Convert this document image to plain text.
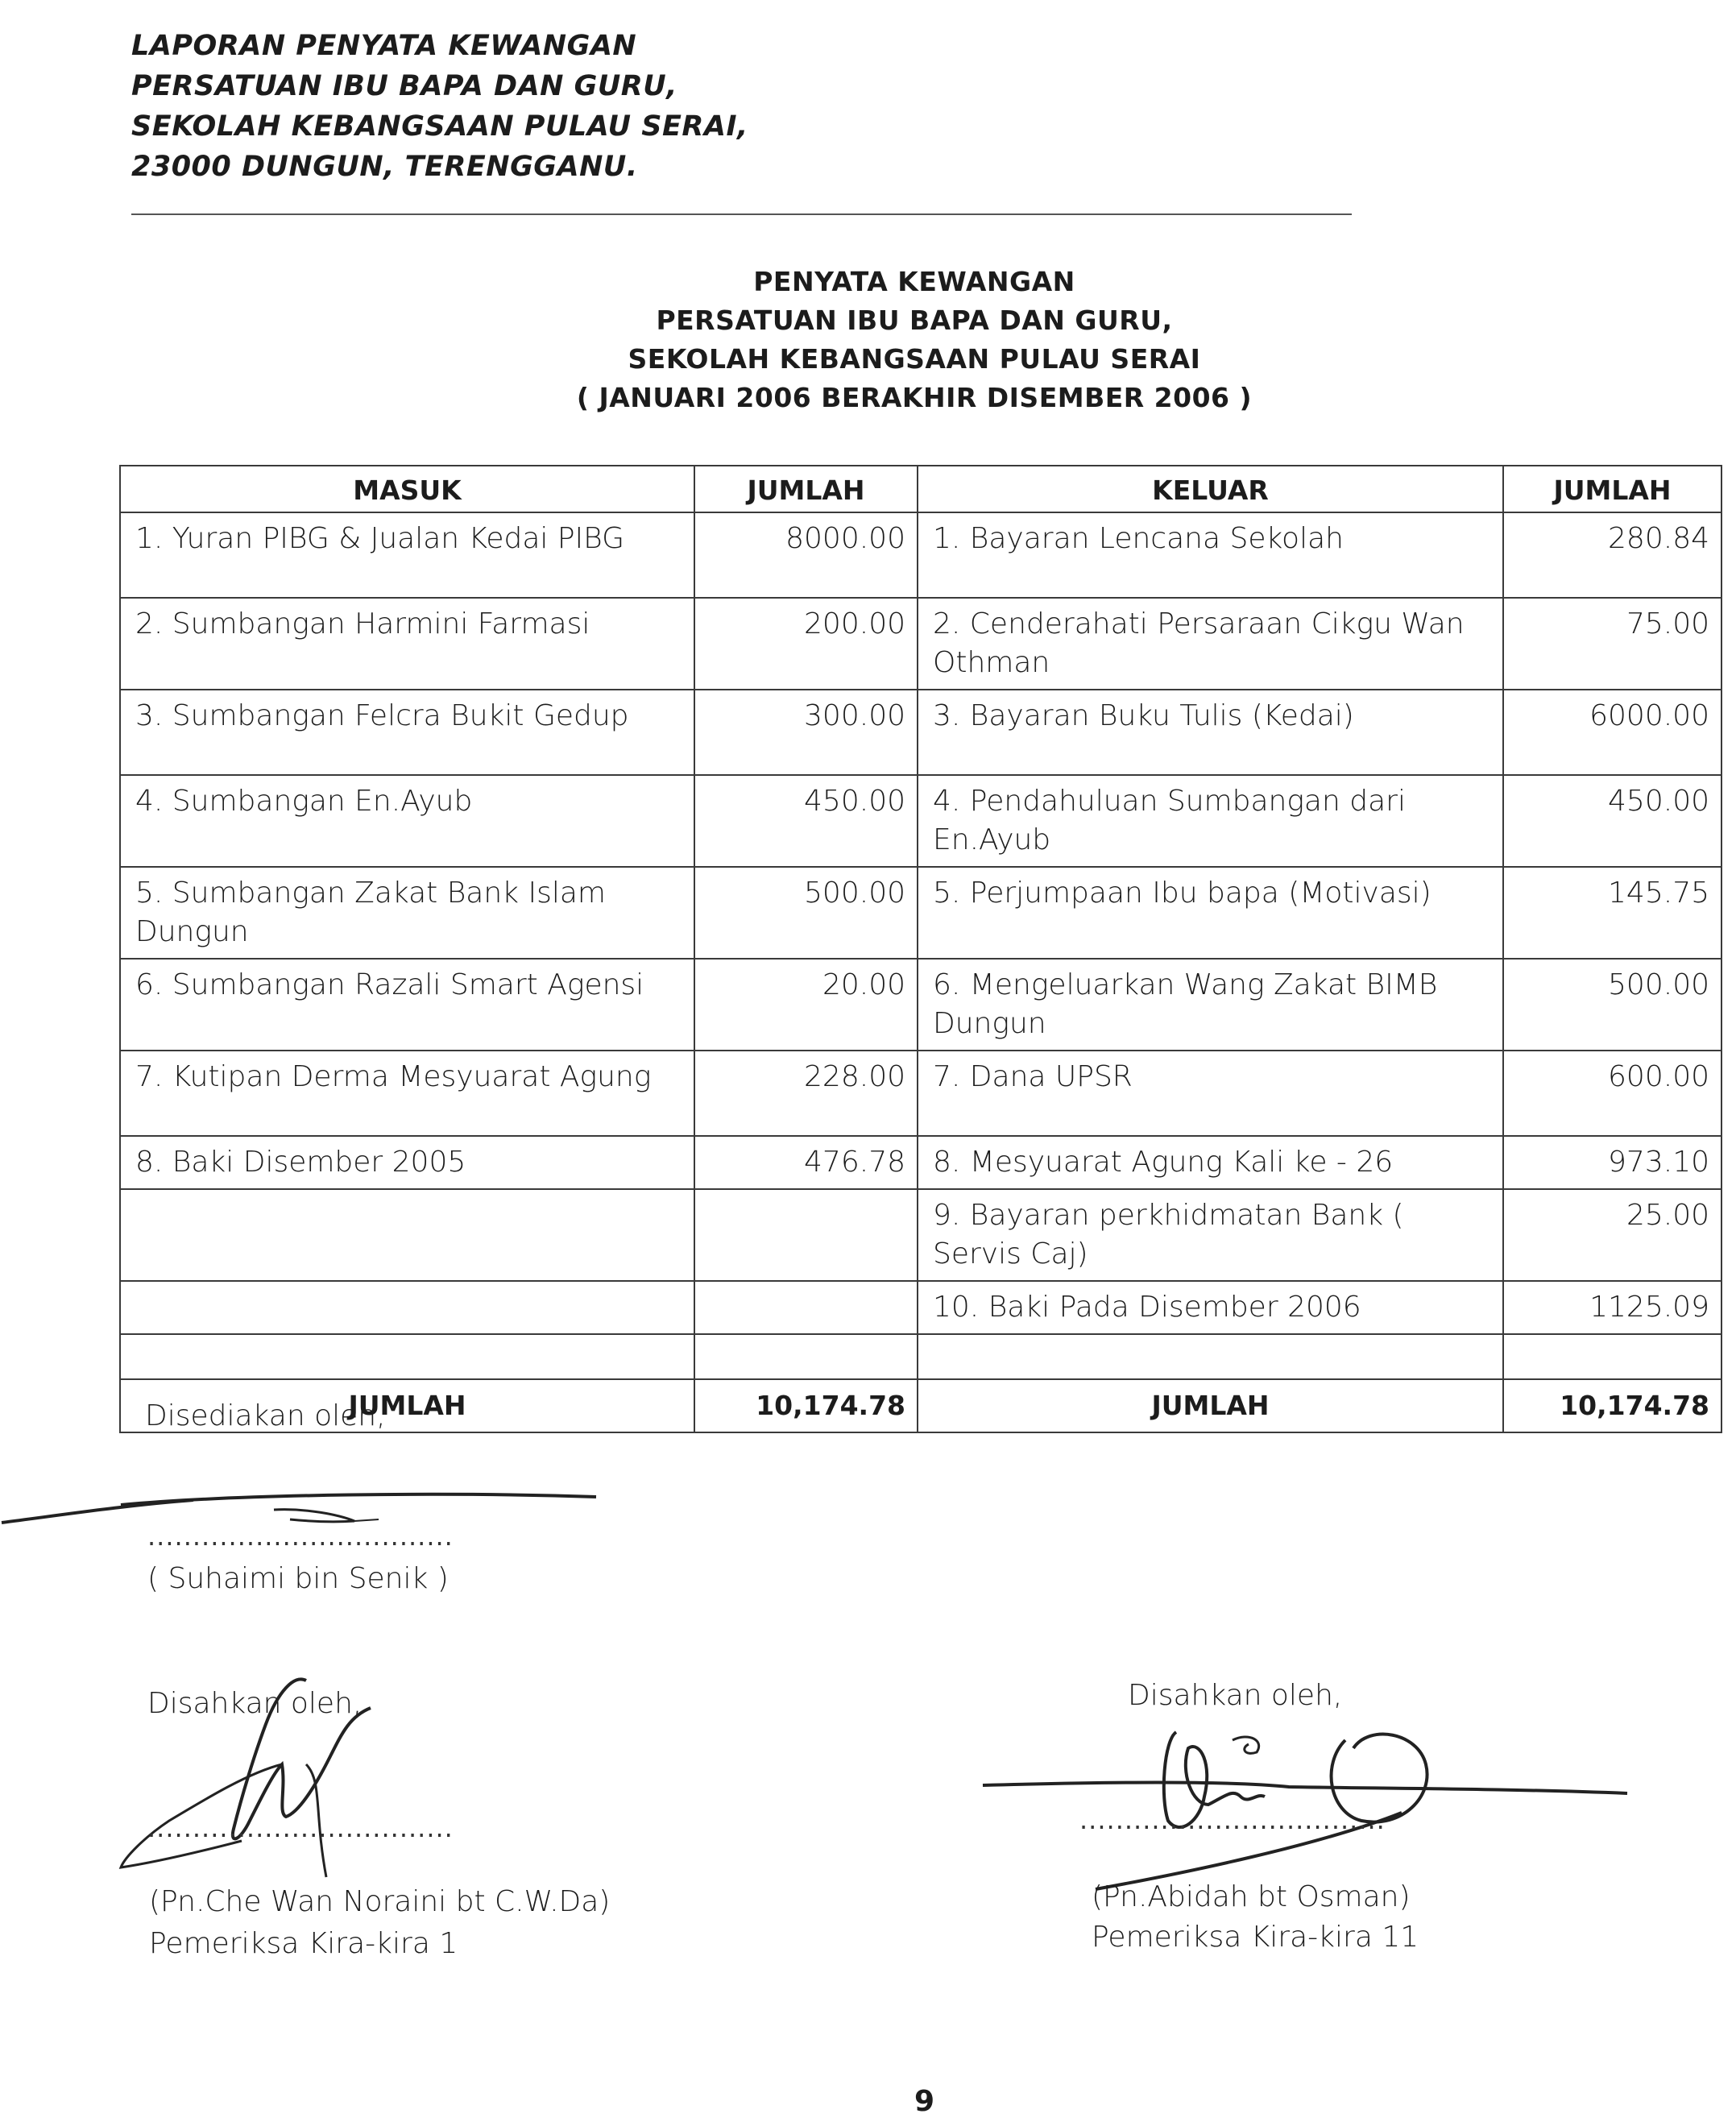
LAPORAN PENYATA KEWANGAN
PERSATUAN IBU BAPA DAN GURU,
SEKOLAH KEBANGSAAN PULAU SERAI,
23000 DUNGUN, TERENGGANU.
PENYATA KEWANGAN
PERSATUAN IBU BAPA DAN GURU,
SEKOLAH KEBANGSAAN PULAU SERAI
( JANUARI 2006 BERAKHIR DISEMBER 2006 )
MASUK	JUMLAH	KELUAR	JUMLAH
1. Yuran PIBG & Jualan Kedai PIBG	8000.00	1. Bayaran Lencana Sekolah	280.84
2. Sumbangan Harmini Farmasi	200.00	2. Cenderahati Persaraan Cikgu Wan Othman	75.00
3. Sumbangan Felcra Bukit Gedup	300.00	3. Bayaran Buku Tulis (Kedai)	6000.00
4. Sumbangan En.Ayub	450.00	4. Pendahuluan Sumbangan dari En.Ayub	450.00
5. Sumbangan Zakat Bank Islam Dungun	500.00	5. Perjumpaan Ibu bapa (Motivasi)	145.75
6. Sumbangan Razali Smart Agensi	20.00	6. Mengeluarkan Wang Zakat BIMB Dungun	500.00
7. Kutipan Derma Mesyuarat Agung	228.00	7. Dana UPSR	600.00
8. Baki Disember 2005	476.78	8. Mesyuarat Agung Kali ke - 26	973.10
		9. Bayaran perkhidmatan Bank ( Servis Caj)	25.00
		10. Baki Pada Disember 2006	1125.09

JUMLAH	10,174.78	JUMLAH	10,174.78
Disediakan oleh,
..................................
( Suhaimi bin Senik )
Disahkan oleh,
..................................
(Pn.Che Wan Noraini bt C.W.Da)
Pemeriksa Kira-kira 1
Disahkan oleh,
..................................
(Pn.Abidah bt Osman)
Pemeriksa Kira-kira 11
9
